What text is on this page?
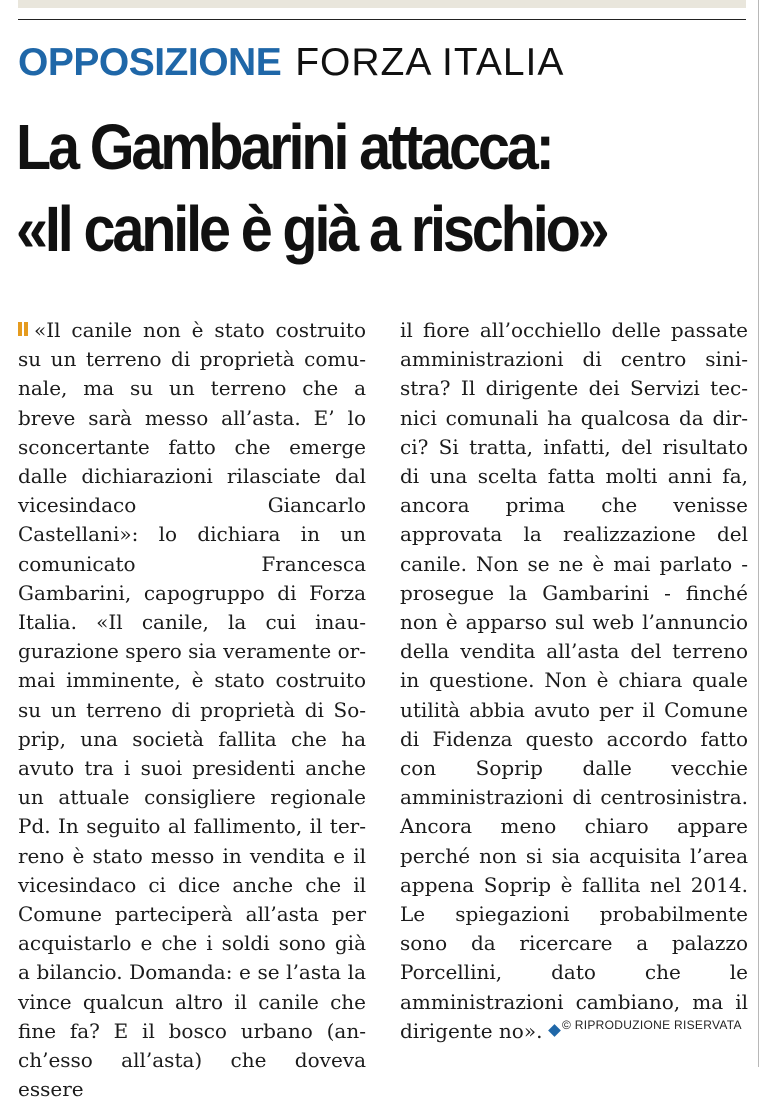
OPPOSIZIONE FORZA ITALIA
La Gambarini attacca:
«Il canile è già a rischio»

«Il canile non è stato costruito su un terreno di proprietà comunale, ma su un terreno che a breve sarà messo all’asta. E’ lo sconcertante fatto che emerge dalle dichiarazioni rilasciate dal vicesindaco Giancarlo Castellani»: lo dichiara in un comunicato Francesca Gambarini, capogruppo di Forza Italia. «Il canile, la cui inaugurazione spero sia veramente ormai imminente, è stato costruito su un terreno di proprietà di Soprip, una società fallita che ha avuto tra i suoi presidenti anche un attuale consigliere regionale Pd. In seguito al fallimento, il terreno è stato messo in vendita e il vicesindaco ci dice anche che il Comune parteciperà all’asta per acquistarlo e che i soldi sono già a bilancio. Domanda: e se l’asta la vince qualcun altro il canile che fine fa? E il bosco urbano (anch’esso all’asta) che doveva essere

il fiore all’occhiello delle passate amministrazioni di centro sinistra? Il dirigente dei Servizi tecnici comunali ha qualcosa da dirci? Si tratta, infatti, del risultato di una scelta fatta molti anni fa, ancora prima che venisse approvata la realizzazione del canile. Non se ne è mai parlato - prosegue la Gambarini - finché non è apparso sul web l’annuncio della vendita all’asta del terreno in questione. Non è chiara quale utilità abbia avuto per il Comune di Fidenza questo accordo fatto con Soprip dalle vecchie amministrazioni di centrosinistra. Ancora meno chiaro appare perché non si sia acquisita l’area appena Soprip è fallita nel 2014. Le spiegazioni probabilmente sono da ricercare a palazzo Porcellini, dato che le amministrazioni cambiano, ma il dirigente no».	© RIPRODUZIONE RISERVATA
